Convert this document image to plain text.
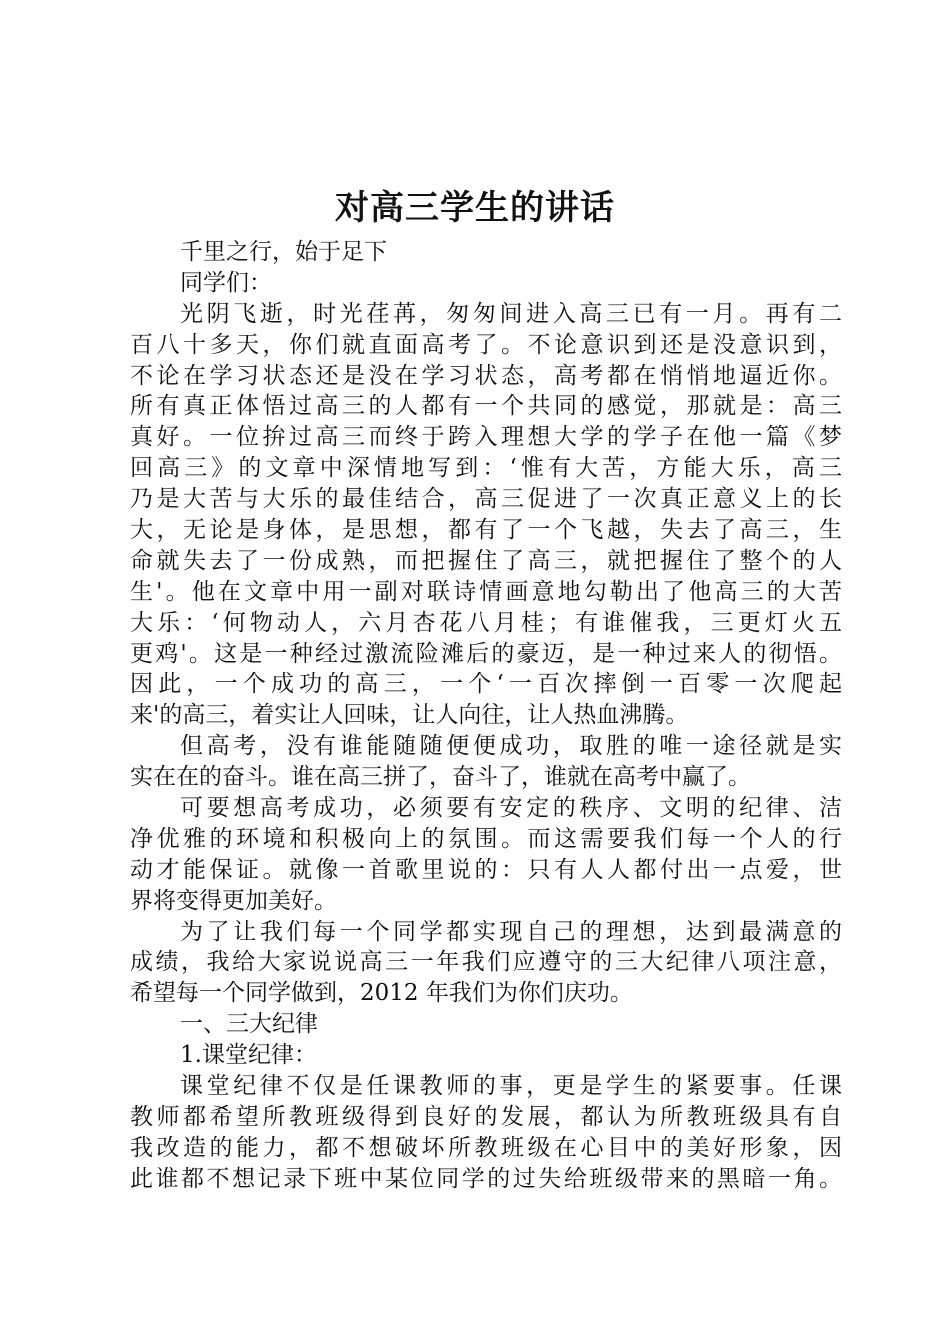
对高三学生的讲话
千里之行，始于足下
同学们：
光阴飞逝，时光荏苒，匆匆间进入高三已有一月。再有二
百八十多天，你们就直面高考了。不论意识到还是没意识到，
不论在学习状态还是没在学习状态，高考都在悄悄地逼近你。
所有真正体悟过高三的人都有一个共同的感觉，那就是：高三
真好。一位拚过高三而终于跨入理想大学的学子在他一篇《梦
回高三》的文章中深情地写到：‘惟有大苦，方能大乐，高三
乃是大苦与大乐的最佳结合，高三促进了一次真正意义上的长
大，无论是身体，是思想，都有了一个飞越，失去了高三，生
命就失去了一份成熟，而把握住了高三，就把握住了整个的人
生'。他在文章中用一副对联诗情画意地勾勒出了他高三的大苦
大乐：‘何物动人，六月杏花八月桂；有谁催我，三更灯火五
更鸡'。这是一种经过激流险滩后的豪迈，是一种过来人的彻悟。
因此，一个成功的高三，一个‘一百次摔倒一百零一次爬起
来'的高三，着实让人回味，让人向往，让人热血沸腾。
但高考，没有谁能随随便便成功，取胜的唯一途径就是实
实在在的奋斗。谁在高三拼了，奋斗了，谁就在高考中赢了。
可要想高考成功，必须要有安定的秩序、文明的纪律、洁
净优雅的环境和积极向上的氛围。而这需要我们每一个人的行
动才能保证。就像一首歌里说的：只有人人都付出一点爱，世
界将变得更加美好。
为了让我们每一个同学都实现自己的理想，达到最满意的
成绩，我给大家说说高三一年我们应遵守的三大纪律八项注意，
希望每一个同学做到，2012 年我们为你们庆功。
一、三大纪律
1.课堂纪律：
课堂纪律不仅是任课教师的事，更是学生的紧要事。任课
教师都希望所教班级得到良好的发展，都认为所教班级具有自
我改造的能力，都不想破坏所教班级在心目中的美好形象，因
此谁都不想记录下班中某位同学的过失给班级带来的黑暗一角。
